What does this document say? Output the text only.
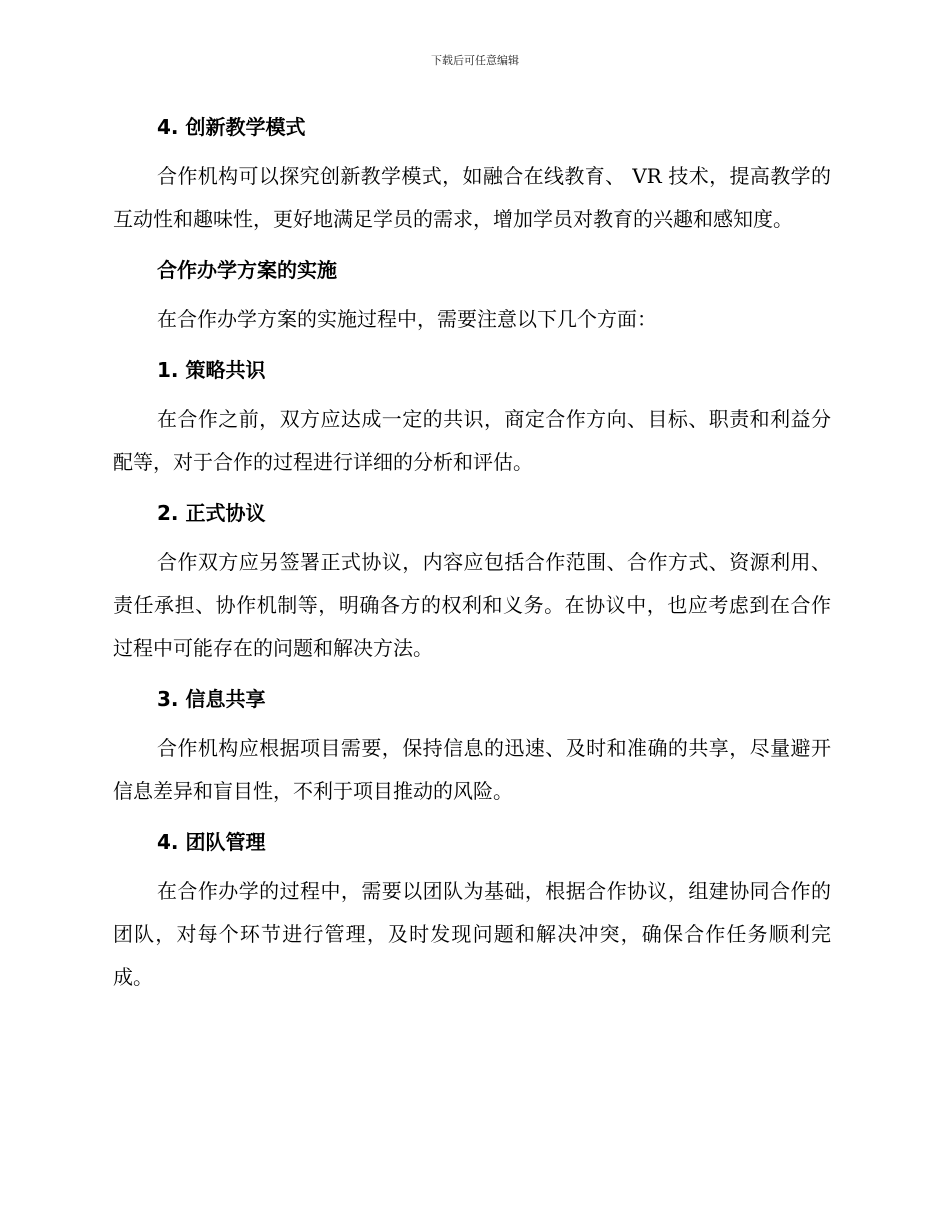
下载后可任意编辑
4. 创新教学模式

合作机构可以探究创新教学模式，如融合在线教育、 VR 技术，提高教学的互动性和趣味性，更好地满足学员的需求，增加学员对教育的兴趣和感知度。

合作办学方案的实施

在合作办学方案的实施过程中，需要注意以下几个方面：

1. 策略共识

在合作之前，双方应达成一定的共识，商定合作方向、目标、职责和利益分配等，对于合作的过程进行详细的分析和评估。

2. 正式协议

合作双方应另签署正式协议，内容应包括合作范围、合作方式、资源利用、责任承担、协作机制等，明确各方的权利和义务。在协议中，也应考虑到在合作过程中可能存在的问题和解决方法。

3. 信息共享

合作机构应根据项目需要，保持信息的迅速、及时和准确的共享，尽量避开信息差异和盲目性，不利于项目推动的风险。

4. 团队管理

在合作办学的过程中，需要以团队为基础，根据合作协议，组建协同合作的团队，对每个环节进行管理，及时发现问题和解决冲突，确保合作任务顺利完成。
